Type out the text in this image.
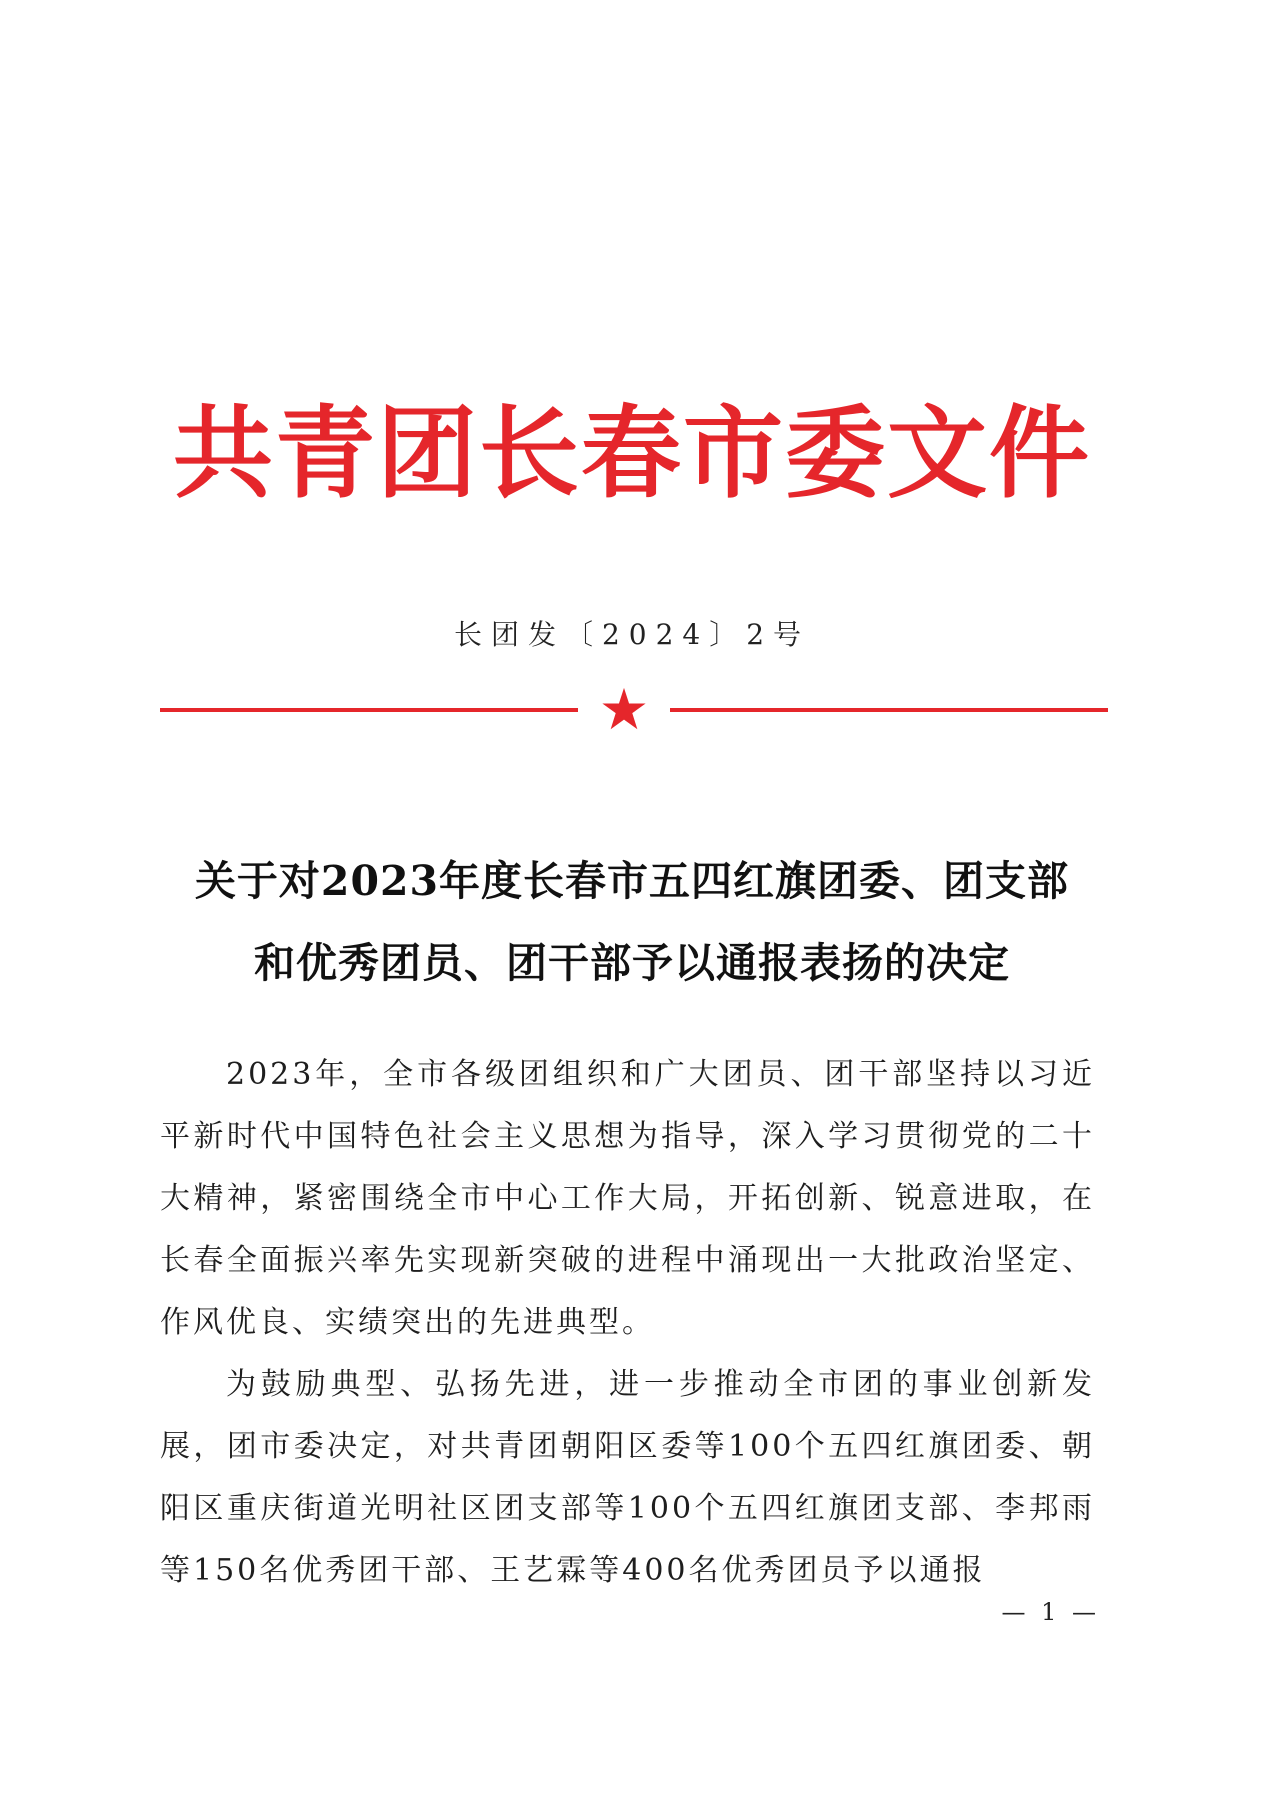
共青团长春市委文件
长团发〔2024〕2号
关于对2023年度长春市五四红旗团委、团支部
和优秀团员、团干部予以通报表扬的决定

2023年，全市各级团组织和广大团员、团干部坚持以习近平新时代中国特色社会主义思想为指导，深入学习贯彻党的二十大精神，紧密围绕全市中心工作大局，开拓创新、锐意进取，在长春全面振兴率先实现新突破的进程中涌现出一大批政治坚定、作风优良、实绩突出的先进典型。

为鼓励典型、弘扬先进，进一步推动全市团的事业创新发展，团市委决定，对共青团朝阳区委等100个五四红旗团委、朝阳区重庆街道光明社区团支部等100个五四红旗团支部、李邦雨等150名优秀团干部、王艺霖等400名优秀团员予以通报

— 1 —
